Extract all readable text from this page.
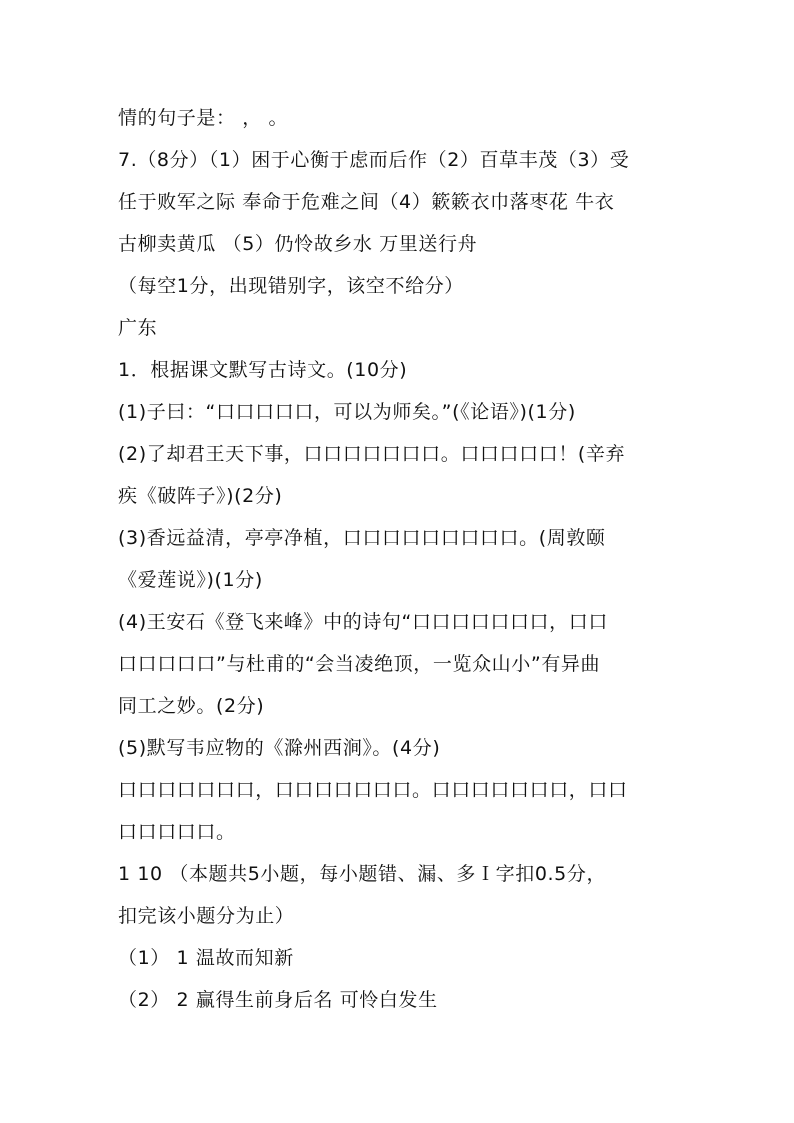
情的句子是： ， 。
7.（8分）（1）困于心衡于虑而后作（2）百草丰茂（3）受
任于败军之际 奉命于危难之间（4）簌簌衣巾落枣花 牛衣
古柳卖黄瓜 （5）仍怜故乡水 万里送行舟
（每空1分，出现错别字，该空不给分）
广东
1．根据课文默写古诗文。(10分)
(1)子曰：“口口口口口，可以为师矣。”(《论语》)(1分)
(2)了却君王天下事，口口口口口口口。口口口口口！(辛弃
疾《破阵子》)(2分)
(3)香远益清，亭亭净植，口口口口口口口口口。(周敦颐
《爱莲说》)(1分)
(4)王安石《登飞来峰》中的诗句“口口口口口口口，口口
口口口口口”与杜甫的“会当凌绝顶，一览众山小”有异曲
同工之妙。(2分)
(5)默写韦应物的《滁州西涧》。(4分)
口口口口口口口，口口口口口口口。口口口口口口口，口口
口口口口口。
1 10 （本题共5小题，每小题错、漏、多Ｉ字扣0.5分，
扣完该小题分为止）
（1） 1 温故而知新
（2） 2 赢得生前身后名 可怜白发生
